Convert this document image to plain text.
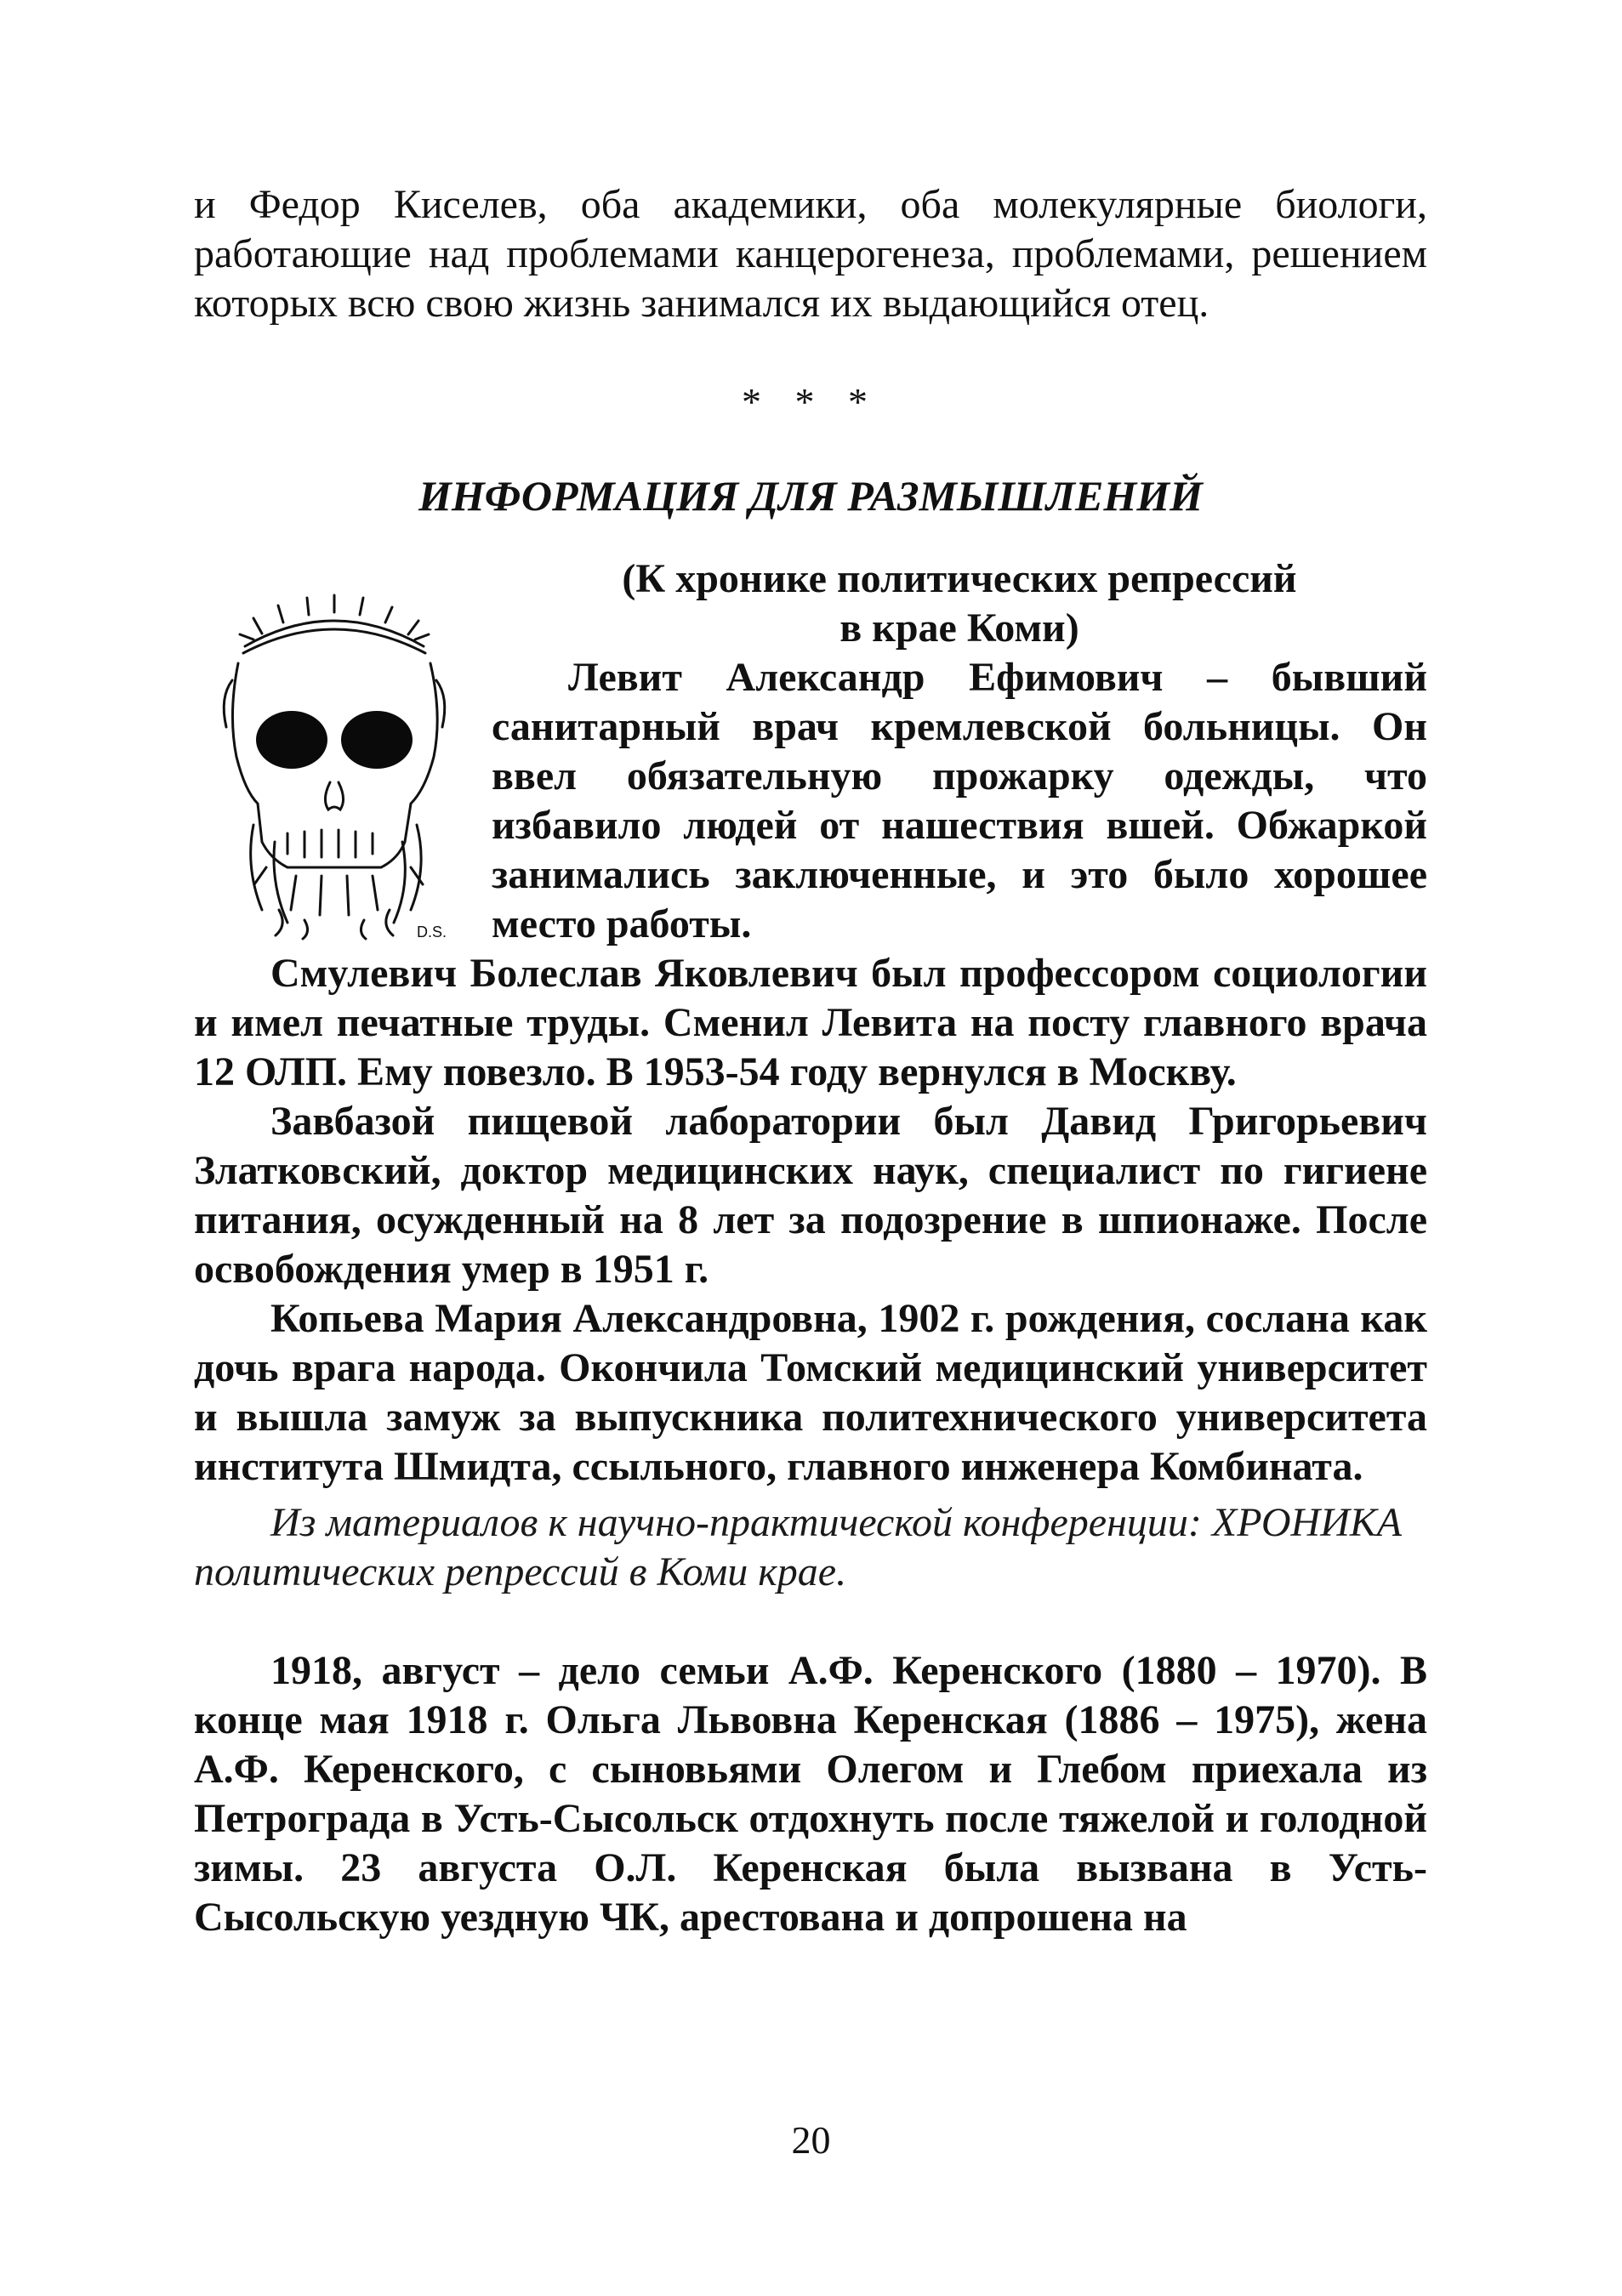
и Федор Киселев, оба академики, оба молекулярные биологи, работающие над проблемами канцерогенеза, проблемами, решением которых всю свою жизнь занимался их выдающийся отец.

* * *
ИНФОРМАЦИЯ ДЛЯ РАЗМЫШЛЕНИЙ
D.S.

(К хронике политических репрессий

в крае Коми)

Левит Александр Ефимович – бывший санитарный врач кремлевской больницы. Он ввел обязательную прожарку одежды, что избавило людей от нашествия вшей. Обжаркой занимались заключенные, и это было хорошее место работы.

Смулевич Болеслав Яковлевич был профессором социологии и имел печатные труды. Сменил Левита на посту главного врача 12 ОЛП. Ему повезло. В 1953-54 году вернулся в Москву.

Завбазой пищевой лаборатории был Давид Григорьевич Златковский, доктор медицинских наук, специалист по гигиене питания, осужденный на 8 лет за подозрение в шпионаже. После освобождения умер в 1951 г.

Копьева Мария Александровна, 1902 г. рождения, сослана как дочь врага народа. Окончила Томский медицинский университет и вышла замуж за выпускника политехнического университета института Шмидта, ссыльного, главного инженера Комбината.

Из материалов к научно-практической конференции: ХРОНИКА политических репрессий в Коми крае.

1918, август – дело семьи А.Ф. Керенского (1880 – 1970). В конце мая 1918 г. Ольга Львовна Керенская (1886 – 1975), жена А.Ф. Керенского, с сыновьями Олегом и Глебом приехала из Петрограда в Усть-Сысольск отдохнуть после тяжелой и голодной зимы. 23 августа О.Л. Керенская была вызвана в Усть-Сысольскую уездную ЧК, арестована и допрошена на

20
